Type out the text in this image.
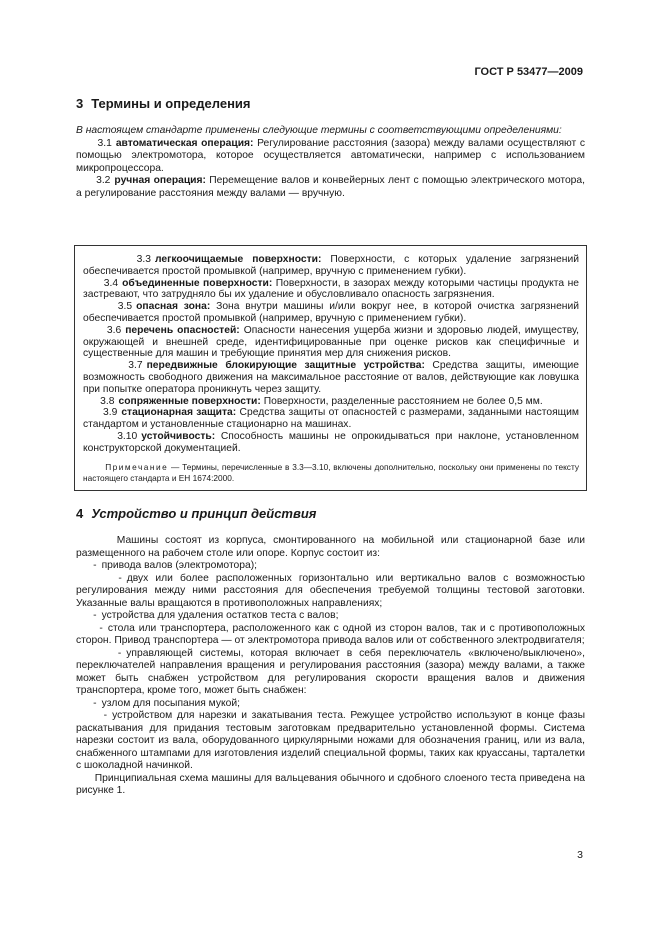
ГОСТ Р 53477—2009
3 Термины и определения

В настоящем стандарте применены следующие термины с соответствующими определениями:

3.1 автоматическая операция: Регулирование расстояния (зазора) между валами осуществляют с помощью электромотора, которое осуществляется автоматически, например с использованием микропроцессора.

3.2 ручная операция: Перемещение валов и конвейерных лент с помощью электрического мотора, а регулирование расстояния между валами — вручную.

3.3 легкоочищаемые поверхности: Поверхности, с которых удаление загрязнений обеспечивается простой промывкой (например, вручную с применением губки).

3.4 объединенные поверхности: Поверхности, в зазорах между которыми частицы продукта не застревают, что затрудняло бы их удаление и обусловливало опасность загрязнения.

3.5 опасная зона: Зона внутри машины и/или вокруг нее, в которой очистка загрязнений обеспечивается простой промывкой (например, вручную с применением губки).

3.6 перечень опасностей: Опасности нанесения ущерба жизни и здоровью людей, имуществу, окружающей и внешней среде, идентифицированные при оценке рисков как специфичные и существенные для машин и требующие принятия мер для снижения рисков.

3.7 передвижные блокирующие защитные устройства: Средства защиты, имеющие возможность свободного движения на максимальное расстояние от валов, действующие как ловушка при попытке оператора проникнуть через защиту.

3.8 сопряженные поверхности: Поверхности, разделенные расстоянием не более 0,5 мм.

3.9 стационарная защита: Средства защиты от опасностей с размерами, заданными настоящим стандартом и установленные стационарно на машинах.

3.10 устойчивость: Способность машины не опрокидываться при наклоне, установленном конструкторской документацией.

Примечание — Термины, перечисленные в 3.3—3.10, включены дополнительно, поскольку они применены по тексту настоящего стандарта и ЕН 1674:2000.

4 Устройство и принцип действия

Машины состоят из корпуса, смонтированного на мобильной или стационарной базе или размещенного на рабочем столе или опоре. Корпус состоит из:

- привода валов (электромотора);

- двух или более расположенных горизонтально или вертикально валов с возможностью регулирования между ними расстояния для обеспечения требуемой толщины тестовой заготовки. Указанные валы вращаются в противоположных направлениях;

- устройства для удаления остатков теста с валов;

- стола или транспортера, расположенного как с одной из сторон валов, так и с противоположных сторон. Привод транспортера — от электромотора привода валов или от собственного электродвигателя;

- управляющей системы, которая включает в себя переключатель «включено/выключено», переключателей направления вращения и регулирования расстояния (зазора) между валами, а также может быть снабжен устройством для регулирования скорости вращения валов и движения транспортера, кроме того, может быть снабжен:

- узлом для посыпания мукой;

- устройством для нарезки и закатывания теста. Режущее устройство используют в конце фазы раскатывания для придания тестовым заготовкам предварительно установленной формы. Система нарезки состоит из вала, оборудованного циркулярными ножами для обозначения границ, или из вала, снабженного штампами для изготовления изделий специальной формы, таких как круассаны, тарталетки с шоколадной начинкой.

Принципиальная схема машины для вальцевания обычного и сдобного слоеного теста приведена на рисунке 1.

3
